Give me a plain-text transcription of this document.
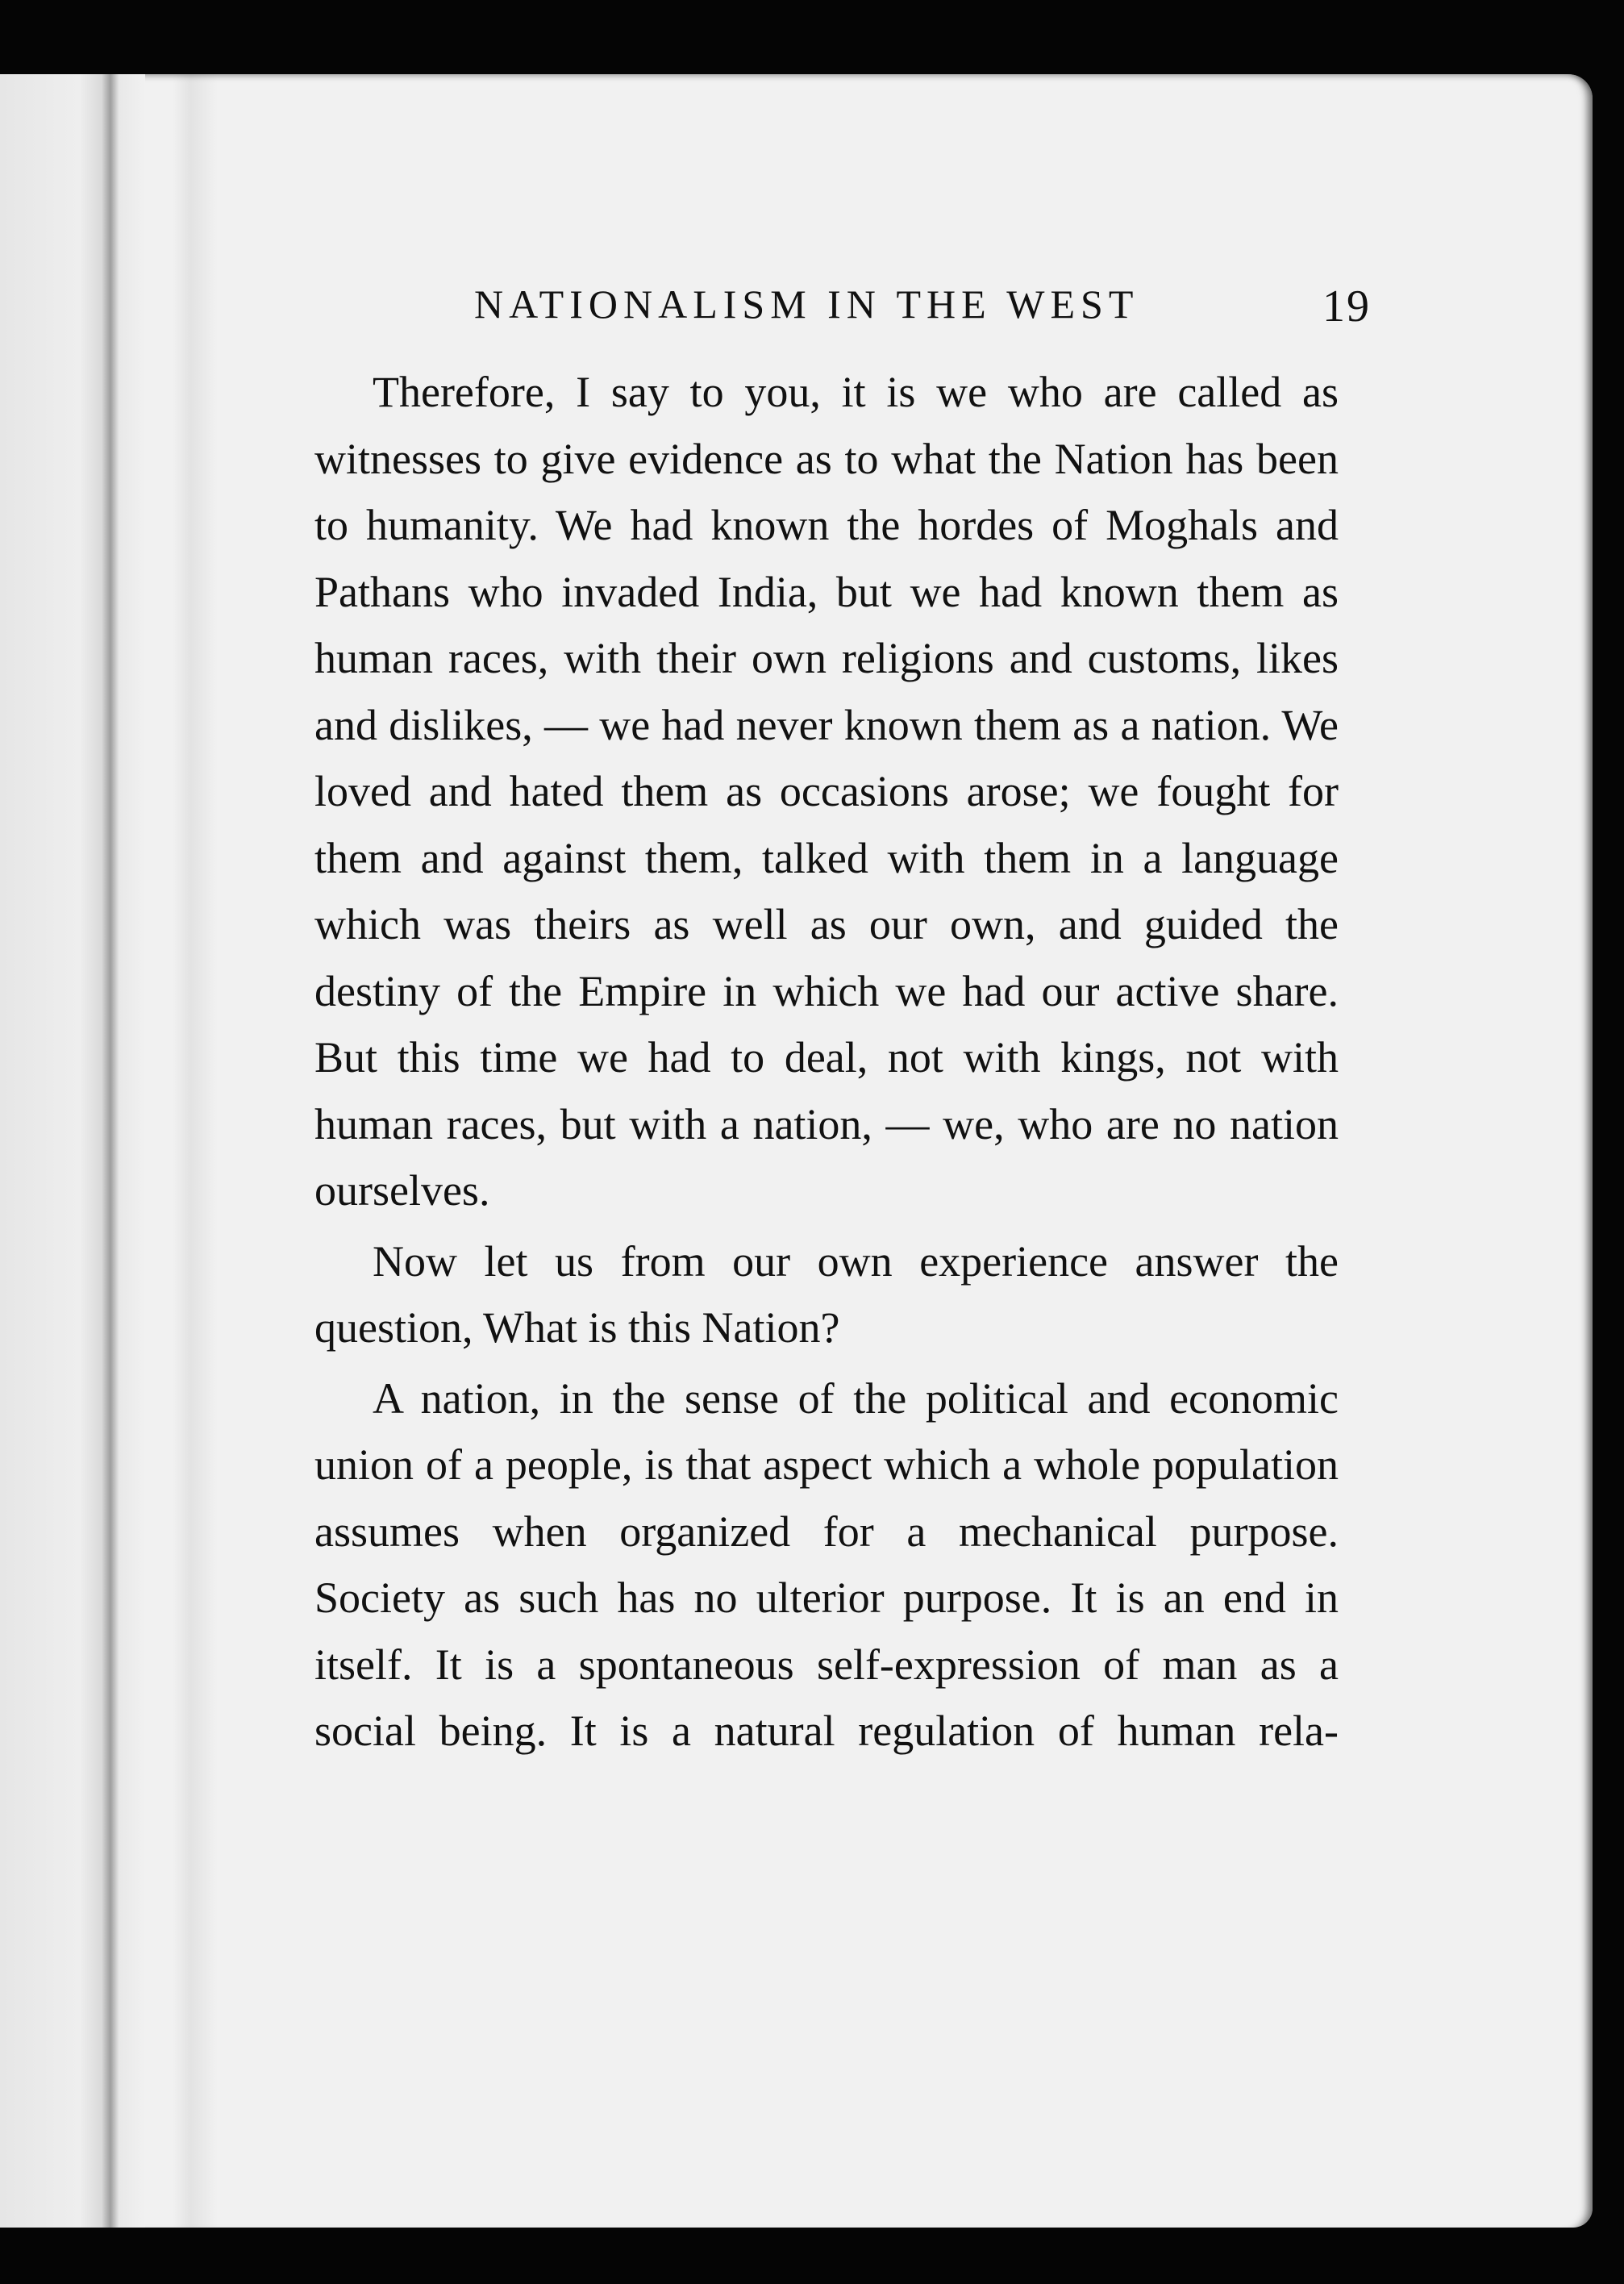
NATIONALISM IN THE WEST	19

Therefore, I say to you, it is we who are called as witnesses to give evidence as to what the Nation has been to humanity. We had known the hordes of Moghals and Pathans who invaded India, but we had known them as human races, with their own religions and customs, likes and dislikes, — we had never known them as a nation. We loved and hated them as occasions arose; we fought for them and against them, talked with them in a language which was theirs as well as our own, and guided the destiny of the Empire in which we had our active share. But this time we had to deal, not with kings, not with human races, but with a nation, — we, who are no nation ourselves.

Now let us from our own experience answer the question, What is this Nation?

A nation, in the sense of the political and economic union of a people, is that aspect which a whole population assumes when organized for a mechanical purpose. Society as such has no ulterior purpose. It is an end in itself. It is a spontaneous self-expression of man as a social being. It is a natural regulation of human rela-
